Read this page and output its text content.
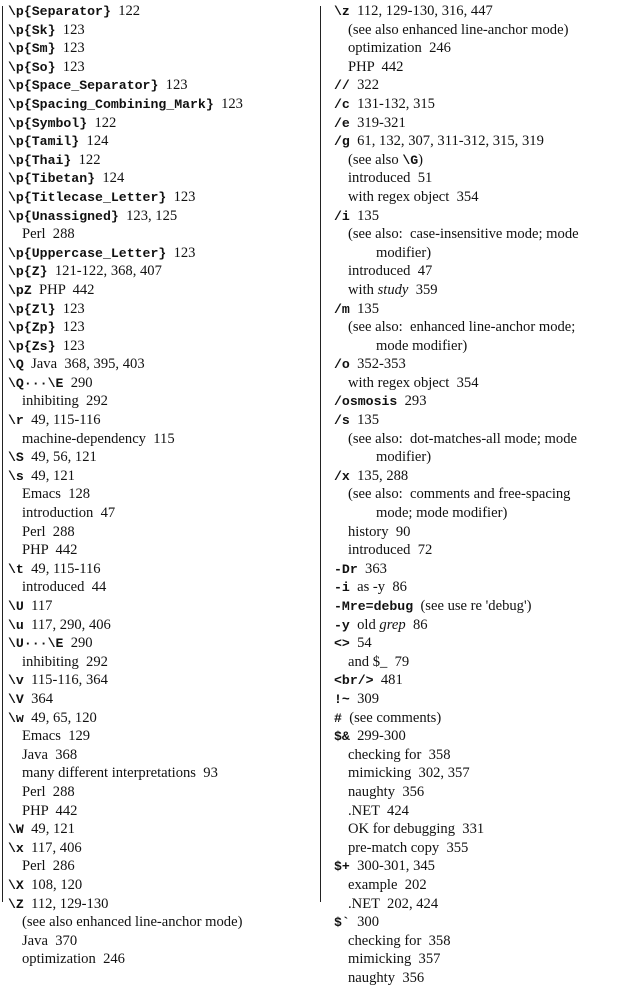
\p{Separator}  122
\p{Sk}  123
\p{Sm}  123
\p{So}  123
\p{Space_Separator}  123
\p{Spacing_Combining_Mark}  123
\p{Symbol}  122
\p{Tamil}  124
\p{Thai}  122
\p{Tibetan}  124
\p{Titlecase_Letter}  123
\p{Unassigned}  123, 125
Perl  288
\p{Uppercase_Letter}  123
\p{Z}  121-122, 368, 407
\pZ  PHP  442
\p{Zl}  123
\p{Zp}  123
\p{Zs}  123
\Q  Java  368, 395, 403
\Q···\E  290
inhibiting  292
\r  49, 115-116
machine-dependency  115
\S  49, 56, 121
\s  49, 121
Emacs  128
introduction  47
Perl  288
PHP  442
\t  49, 115-116
introduced  44
\U  117
\u  117, 290, 406
\U···\E  290
inhibiting  292
\v  115-116, 364
\V  364
\w  49, 65, 120
Emacs  129
Java  368
many different interpretations  93
Perl  288
PHP  442
\W  49, 121
\x  117, 406
Perl  286
\X  108, 120
\Z  112, 129-130
(see also enhanced line-anchor mode)
Java  370
optimization  246
\z  112, 129-130, 316, 447
(see also enhanced line-anchor mode)
optimization  246
PHP  442
//  322
/c  131-132, 315
/e  319-321
/g  61, 132, 307, 311-312, 315, 319
(see also \G)
introduced  51
with regex object  354
/i  135
(see also:  case-insensitive mode; mode
modifier)
introduced  47
with study  359
/m  135
(see also:  enhanced line-anchor mode;
mode modifier)
/o  352-353
with regex object  354
/osmosis  293
/s  135
(see also:  dot-matches-all mode; mode
modifier)
/x  135, 288
(see also:  comments and free-spacing
mode; mode modifier)
history  90
introduced  72
-Dr  363
-i  as -y  86
-Mre=debug  (see use re 'debug')
-y  old grep  86
<>  54
and $_  79
<br/>  481
!~  309
#  (see comments)
$&  299-300
checking for  358
mimicking  302, 357
naughty  356
.NET  424
OK for debugging  331
pre-match copy  355
$+  300-301, 345
example  202
.NET  202, 424
$`  300
checking for  358
mimicking  357
naughty  356
